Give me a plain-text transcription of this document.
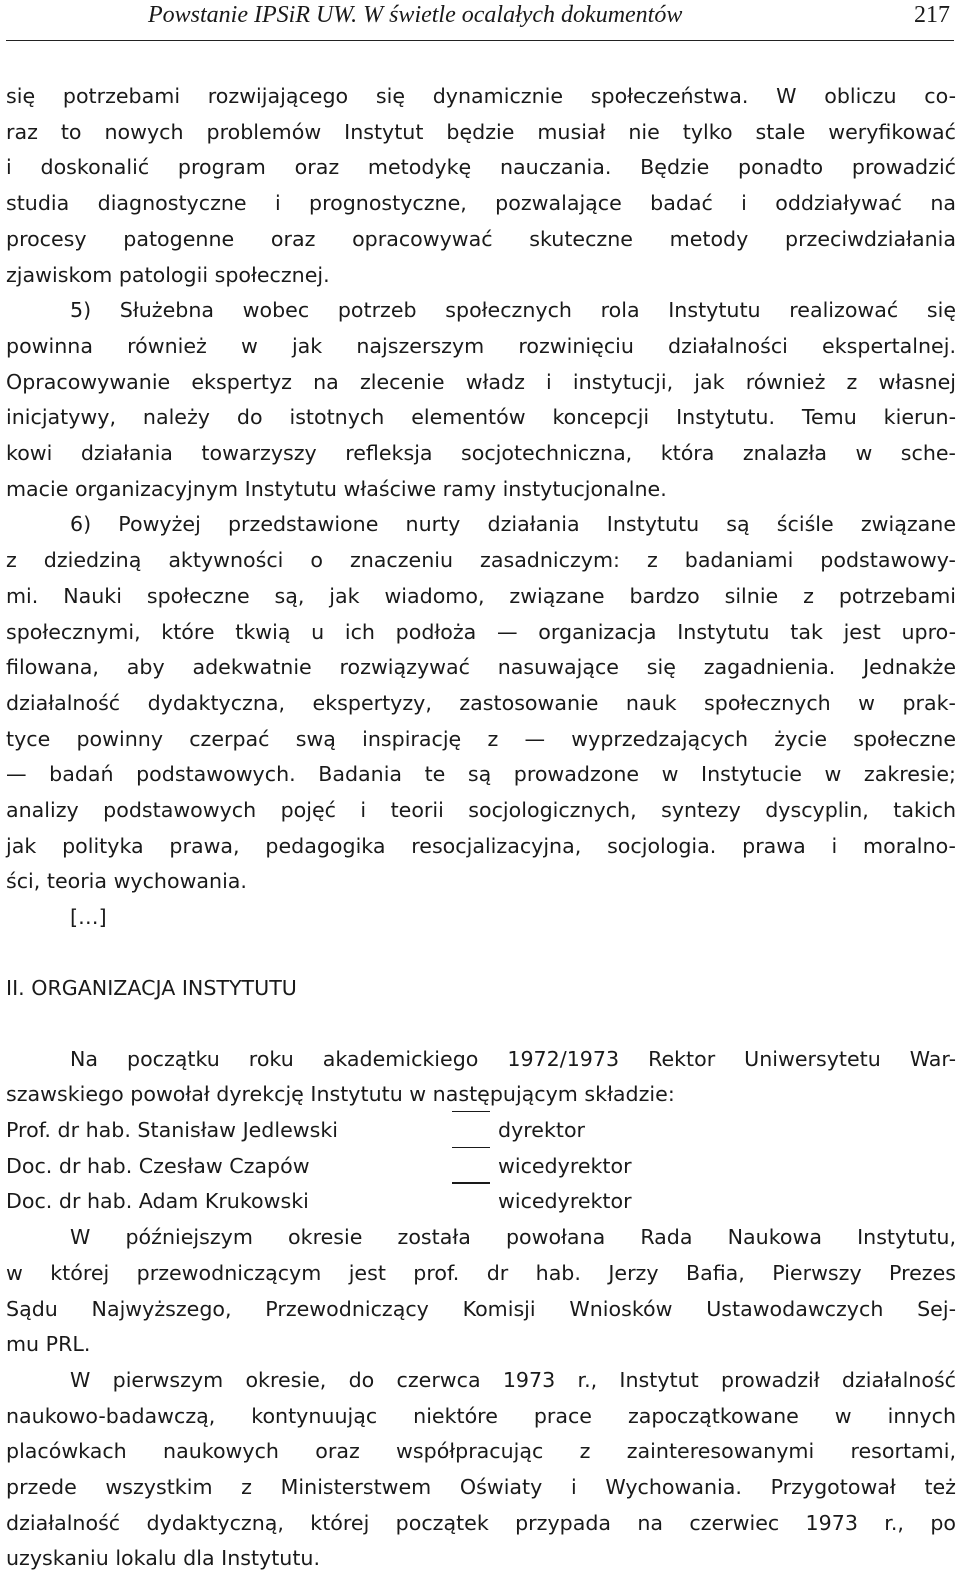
Powstanie IPSiR UW. W świetle ocalałych dokumentów	217

się potrzebami rozwijającego się dynamicznie społeczeństwa. W obliczu co-
raz to nowych problemów Instytut będzie musiał nie tylko stale weryfikować
i doskonalić program oraz metodykę nauczania. Będzie ponadto prowadzić
studia diagnostyczne i prognostyczne, pozwalające badać i oddziaływać na
procesy patogenne oraz opracowywać skuteczne metody przeciwdziałania
zjawiskom patologii społecznej.

5) Służebna wobec potrzeb społecznych rola Instytutu realizować się
powinna również w jak najszerszym rozwinięciu działalności ekspertalnej.
Opracowywanie ekspertyz na zlecenie władz i instytucji, jak również z własnej
inicjatywy, należy do istotnych elementów koncepcji Instytutu. Temu kierun-
kowi działania towarzyszy refleksja socjotechniczna, która znalazła w sche-
macie organizacyjnym Instytutu właściwe ramy instytucjonalne.

6) Powyżej przedstawione nurty działania Instytutu są ściśle związane
z dziedziną aktywności o znaczeniu zasadniczym: z badaniami podstawowy-
mi. Nauki społeczne są, jak wiadomo, związane bardzo silnie z potrzebami
społecznymi, które tkwią u ich podłoża — organizacja Instytutu tak jest upro-
filowana, aby adekwatnie rozwiązywać nasuwające się zagadnienia. Jednakże
działalność dydaktyczna, ekspertyzy, zastosowanie nauk społecznych w prak-
tyce powinny czerpać swą inspirację z — wyprzedzających życie społeczne
— badań podstawowych. Badania te są prowadzone w Instytucie w zakresie;
analizy podstawowych pojęć i teorii socjologicznych, syntezy dyscyplin, takich
jak polityka prawa, pedagogika resocjalizacyjna, socjologia. prawa i moralno-
ści, teoria wychowania.

[…]

II. ORGANIZACJA INSTYTUTU

Na początku roku akademickiego 1972/1973 Rektor Uniwersytetu War-
szawskiego powołał dyrekcję Instytutu w następującym składzie:

Prof. dr hab. Stanisław Jedlewski	dyrektor
Doc. dr hab. Czesław Czapów	wicedyrektor
Doc. dr hab. Adam Krukowski	wicedyrektor

W późniejszym okresie została powołana Rada Naukowa Instytutu,
w której przewodniczącym jest prof. dr hab. Jerzy Bafia, Pierwszy Prezes
Sądu Najwyższego, Przewodniczący Komisji Wniosków Ustawodawczych Sej-
mu PRL.

W pierwszym okresie, do czerwca 1973 r., Instytut prowadził działalność
naukowo-badawczą, kontynuując niektóre prace zapoczątkowane w innych
placówkach naukowych oraz współpracując z zainteresowanymi resortami,
przede wszystkim z Ministerstwem Oświaty i Wychowania. Przygotował też
działalność dydaktyczną, której początek przypada na czerwiec 1973 r., po
uzyskaniu lokalu dla Instytutu.
